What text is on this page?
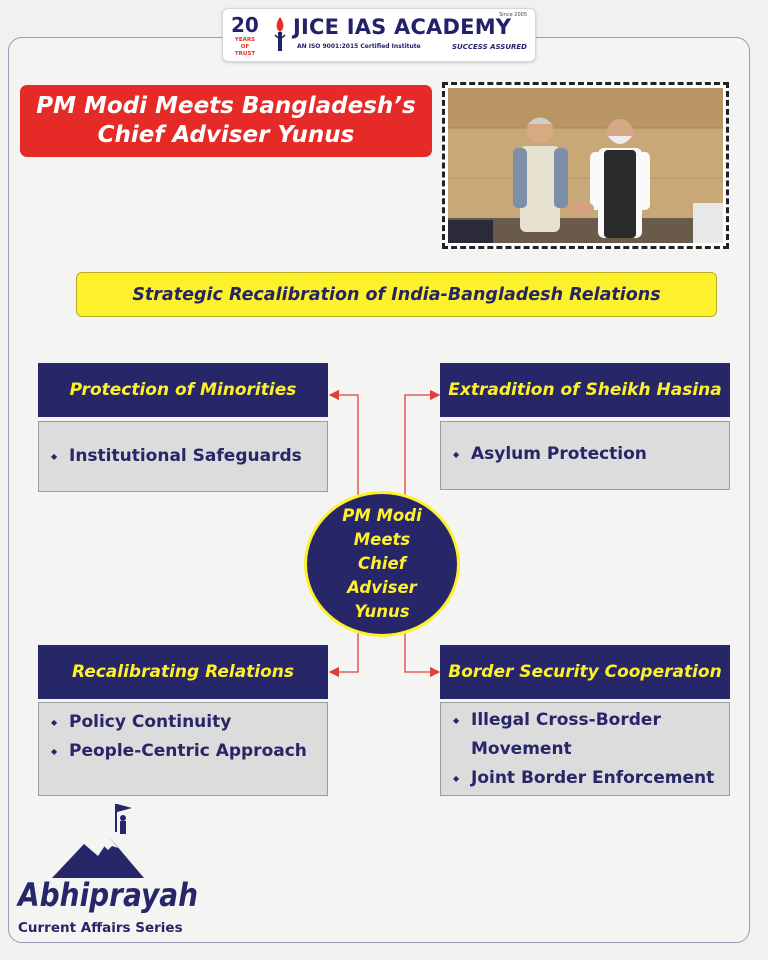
20
YEARS OF TRUST
JICE IAS ACADEMY
Since 2005
AN ISO 9001:2015 Certified Institute	SUCCESS ASSURED
PM Modi Meets Bangladesh’s Chief Adviser Yunus
Strategic Recalibration of India-Bangladesh Relations
Protection of Minorities
◆ Institutional Safeguards
Extradition of Sheikh Hasina
◆ Asylum Protection
PM Modi Meets Chief Adviser Yunus
Recalibrating Relations
◆ Policy Continuity
◆ People-Centric Approach
Border Security Cooperation
◆ Illegal Cross-Border Movement
◆ Joint Border Enforcement
Abhiprayah
Current Affairs Series
